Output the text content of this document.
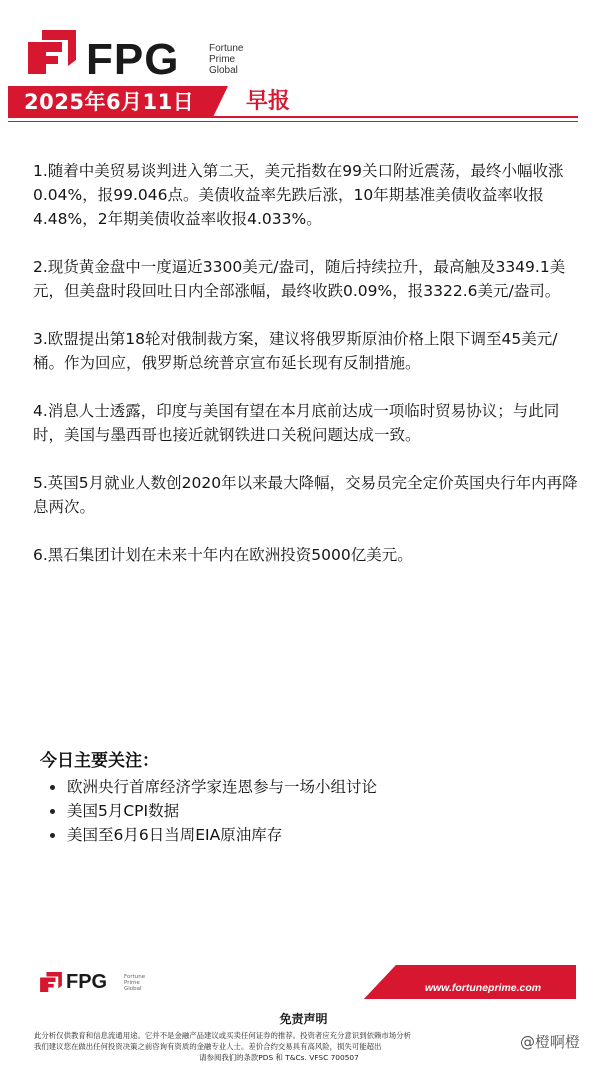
FPG	Fortune
Prime
Global
2025年6月11日 早报
1.随着中美贸易谈判进入第二天，美元指数在99关口附近震荡，最终小幅收涨0.04%，报99.046点。美债收益率先跌后涨，10年期基准美债收益率收报4.48%，2年期美债收益率收报4.033%。
2.现货黄金盘中一度逼近3300美元/盎司，随后持续拉升，最高触及3349.1美元，但美盘时段回吐日内全部涨幅，最终收跌0.09%，报3322.6美元/盎司。
3.欧盟提出第18轮对俄制裁方案，建议将俄罗斯原油价格上限下调至45美元/桶。作为回应，俄罗斯总统普京宣布延长现有反制措施。
4.消息人士透露，印度与美国有望在本月底前达成一项临时贸易协议；与此同时，美国与墨西哥也接近就钢铁进口关税问题达成一致。
5.英国5月就业人数创2020年以来最大降幅，交易员完全定价英国央行年内再降息两次。
6.黑石集团计划在未来十年内在欧洲投资5000亿美元。
今日主要关注：
欧洲央行首席经济学家连恩参与一场小组讨论
美国5月CPI数据
美国至6月6日当周EIA原油库存
FPG	Fortune
Prime
Global	www.fortuneprime.com
免责声明
此分析仅供教育和信息流通用途。它并不是金融产品建议或买卖任何证券的推荐。投资者应充分意识到依赖市场分析
我们建议您在做出任何投资决策之前咨询有资质的金融专业人士。差价合约交易具有高风险，损失可能超出
请参阅我们的条款PDS 和 T&Cs. VFSC 700507
@橙啊橙
